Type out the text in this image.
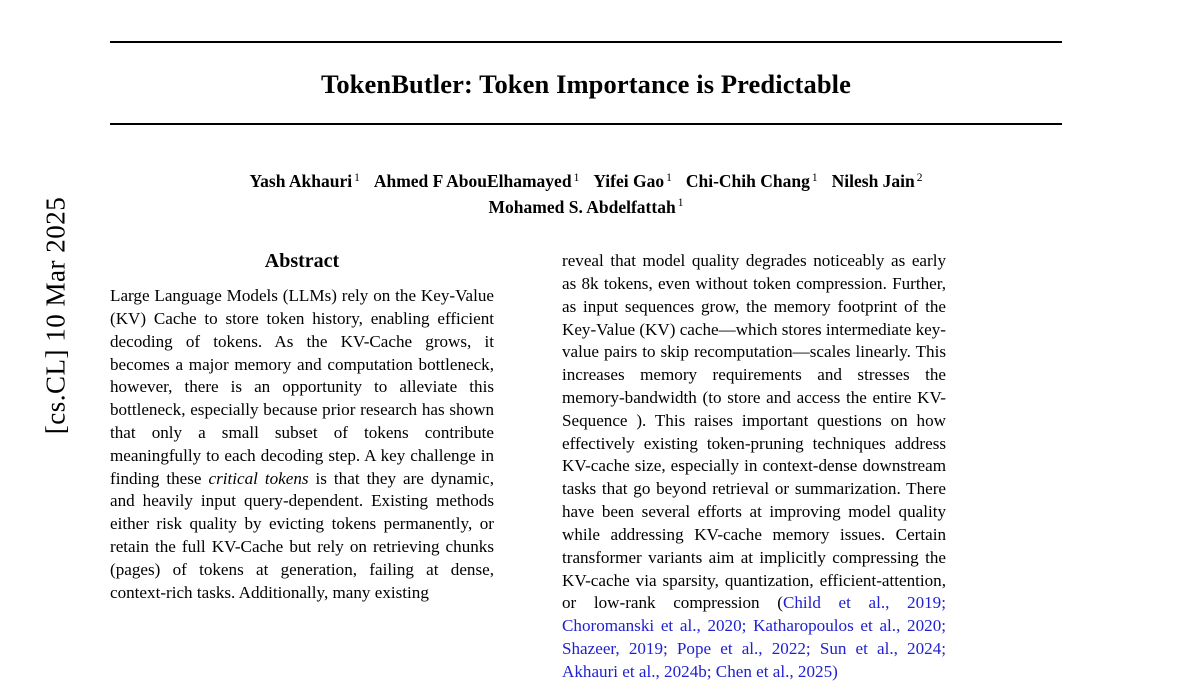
[cs.CL] 10 Mar 2025
TokenButler: Token Importance is Predictable
Yash Akhauri $^1$ Ahmed F AbouElhamayed $^1$ Yifei Gao $^1$ Chi-Chih Chang $^1$ Nilesh Jain $^2$
Mohamed S. Abdelfattah $^1$
Abstract

Large Language Models (LLMs) rely on the Key-Value (KV) Cache to store token history, enabling efficient decoding of tokens. As the KV-Cache grows, it becomes a major memory and computation bottleneck, however, there is an opportunity to alleviate this bottleneck, especially because prior research has shown that only a small subset of tokens contribute meaningfully to each decoding step. A key challenge in finding these critical tokens is that they are dynamic, and heavily input query-dependent. Existing methods either risk quality by evicting tokens permanently, or retain the full KV-Cache but rely on retrieving chunks (pages) of tokens at generation, failing at dense, context-rich tasks. Additionally, many existing

reveal that model quality degrades noticeably as early as 8k tokens, even without token compression. Further, as input sequences grow, the memory footprint of the Key-Value (KV) cache—which stores intermediate key-value pairs to skip recomputation—scales linearly. This increases memory requirements and stresses the memory-bandwidth (to store and access the entire KV-Sequence ). This raises important questions on how effectively existing token-pruning techniques address KV-cache size, especially in context-dense downstream tasks that go beyond retrieval or summarization. There have been several efforts at improving model quality while addressing KV-cache memory issues. Certain transformer variants aim at implicitly compressing the KV-cache via sparsity, quantization, efficient-attention, or low-rank compression (Child et al., 2019; Choromanski et al., 2020; Katharopoulos et al., 2020; Shazeer, 2019; Pope et al., 2022; Sun et al., 2024; Akhauri et al., 2024b; Chen et al., 2025)
